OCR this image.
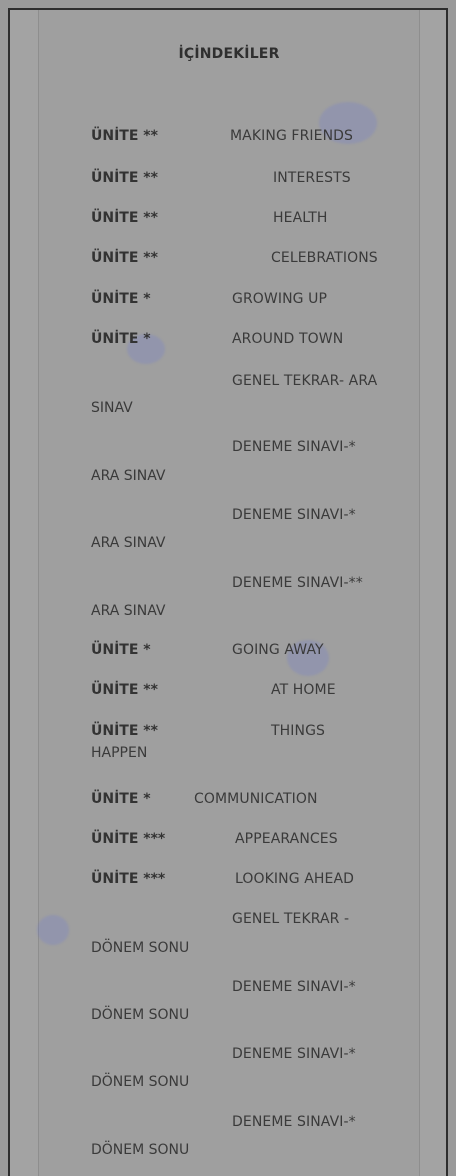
İÇİNDEKİLER
ÜNİTE **	MAKING FRIENDS
ÜNİTE **	INTERESTS
ÜNİTE **	HEALTH
ÜNİTE **	CELEBRATIONS
ÜNİTE *	GROWING UP
ÜNİTE *	AROUND TOWN
GENEL TEKRAR- ARA
SINAV
DENEME SINAVI-*
ARA SINAV
DENEME SINAVI-*
ARA SINAV
DENEME SINAVI-**
ARA SINAV
ÜNİTE *	GOING AWAY
ÜNİTE **	AT HOME
ÜNİTE **	THINGS
HAPPEN
ÜNİTE *	COMMUNICATION
ÜNİTE ***	APPEARANCES
ÜNİTE ***	LOOKING AHEAD
GENEL TEKRAR -
DÖNEM SONU
DENEME SINAVI-*
DÖNEM SONU
DENEME SINAVI-*
DÖNEM SONU
DENEME SINAVI-*
DÖNEM SONU
